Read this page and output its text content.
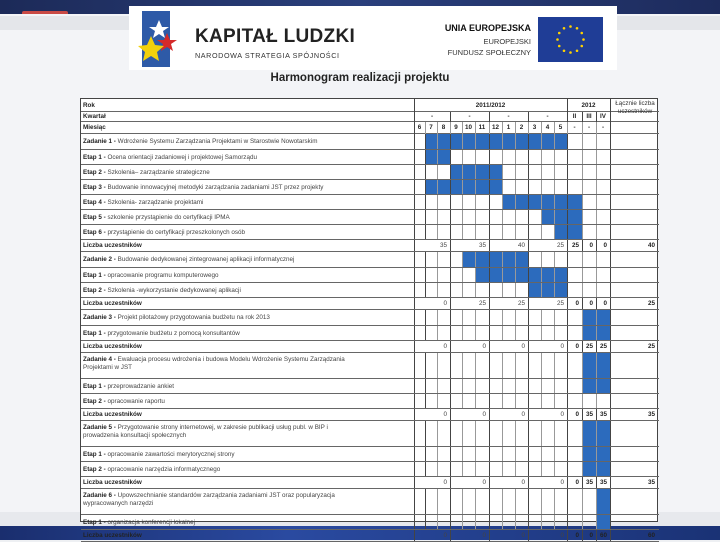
KAPITAŁ LUDZKI
NARODOWA STRATEGIA SPÓJNOŚCI
UNIA EUROPEJSKA
EUROPEJSKI
FUNDUSZ SPOŁECZNY
Harmonogram realizacji projektu
Rok	2011/2012	2012
Kwartał	-	-	-	-	II	III	IV
Miesiąc	6	7	8	9	10	11	12	1	2	3	4	5	-	-	-
Łącznie liczba uczestników
Zadanie 1 - Wdrożenie Systemu Zarządzania Projektami w Starostwie Nowotarskim
Etap 1 - Ocena orientacji zadaniowej i projektowej Samorządu
Etap 2 - Szkolenia– zarządzanie strategiczne
Etap 3 - Budowanie innowacyjnej metodyki zarządzania zadaniami JST przez projekty
Etap 4 - Szkolenia- zarządzanie projektami
Etap 5 - szkolenie przystąpienie do certyfikacji IPMA
Etap 6 - przystąpienie do certyfikacji przeszkolonych osób
Liczba uczestników	35	35	40	25	25	0	0	40
Zadanie 2 - Budowanie dedykowanej zintegrowanej aplikacji informatycznej
Etap 1 - opracowanie programu komputerowego
Etap 2 - Szkolenia -wykorzystanie dedykowanej aplikacji
Liczba uczestników	0	25	25	25	0	0	0	25
Zadanie 3 - Projekt pilotażowy przygotowania budżetu na rok 2013
Etap 1 - przygotowanie budżetu z pomocą konsultantów
Liczba uczestników	0	0	0	0	0	25	25	25
Zadanie 4 - Ewaluacja procesu wdrożenia i budowa Modelu Wdrożenie Systemu Zarządzania
Projektami w JST
Etap 1 - przeprowadzanie ankiet
Etap 2 - opracowanie raportu
Liczba uczestników	0	0	0	0	0	35	35	35
Zadanie 5 - Przygotowanie strony internetowej, w zakresie publikacji usług publ. w BIP i
prowadzenia konsultacji społecznych
Etap 1 - opracowanie zawartości merytorycznej strony
Etap 2 - opracowanie narzędzia informatycznego
Liczba uczestników	0	0	0	0	0	35	35	35
Zadanie 6 - Upowszechnianie standardów zarządzania zadaniami JST oraz popularyzacja
wypracowanych narzędzi
Etap 1 - organizacja konferencji lokalnej
Liczba uczestników	0	0	0	0	0	0	60	60
